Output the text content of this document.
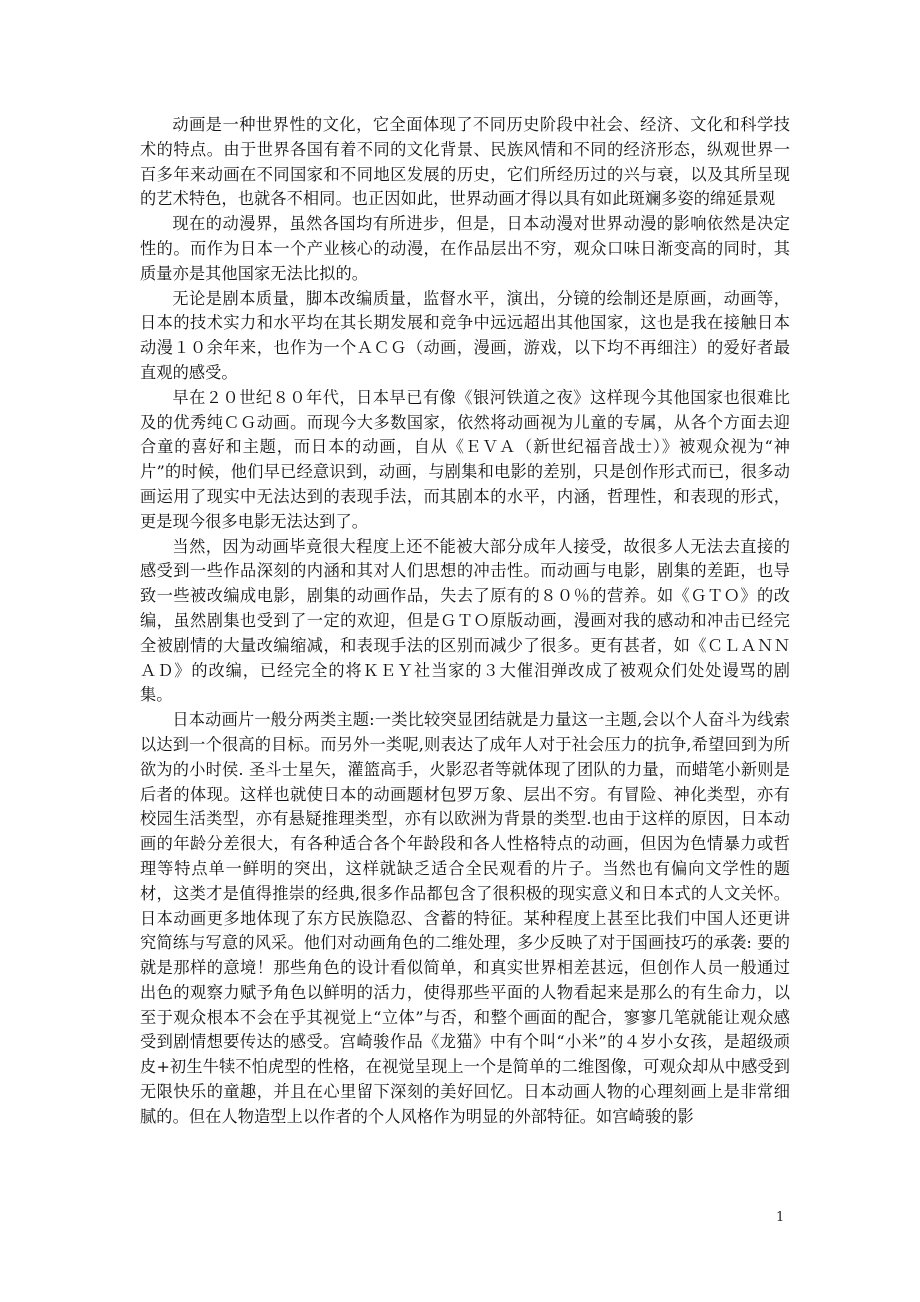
动画是一种世界性的文化，它全面体现了不同历史阶段中社会、经济、文化和科学技术的特点。由于世界各国有着不同的文化背景、民族风情和不同的经济形态，纵观世界一百多年来动画在不同国家和不同地区发展的历史，它们所经历过的兴与衰，以及其所呈现的艺术特色，也就各不相同。也正因如此，世界动画才得以具有如此斑斓多姿的绵延景观

现在的动漫界，虽然各国均有所进步，但是，日本动漫对世界动漫的影响依然是决定性的。而作为日本一个产业核心的动漫，在作品层出不穷，观众口味日渐变高的同时，其质量亦是其他国家无法比拟的。

无论是剧本质量，脚本改编质量，监督水平，演出，分镜的绘制还是原画，动画等，日本的技术实力和水平均在其长期发展和竞争中远远超出其他国家，这也是我在接触日本动漫１０余年来，也作为一个ＡＣＧ（动画，漫画，游戏，以下均不再细注）的爱好者最直观的感受。

早在２０世纪８０年代，日本早已有像《银河铁道之夜》这样现今其他国家也很难比及的优秀纯ＣＧ动画。而现今大多数国家，依然将动画视为儿童的专属，从各个方面去迎合童的喜好和主题，而日本的动画，自从《ＥＶＡ（新世纪福音战士）》被观众视为“神片”的时候，他们早已经意识到，动画，与剧集和电影的差别，只是创作形式而已，很多动画运用了现实中无法达到的表现手法，而其剧本的水平，内涵，哲理性，和表现的形式，更是现今很多电影无法达到了。

当然，因为动画毕竟很大程度上还不能被大部分成年人接受，故很多人无法去直接的感受到一些作品深刻的内涵和其对人们思想的冲击性。而动画与电影，剧集的差距，也导致一些被改编成电影，剧集的动画作品，失去了原有的８０％的营养。如《ＧＴＯ》的改编，虽然剧集也受到了一定的欢迎，但是ＧＴＯ原版动画，漫画对我的感动和冲击已经完全被剧情的大量改编缩减，和表现手法的区别而减少了很多。更有甚者，如《ＣＬＡＮＮＡＤ》的改编，已经完全的将ＫＥＹ社当家的３大催泪弹改成了被观众们处处谩骂的剧集。

日本动画片一般分两类主题:一类比较突显团结就是力量这一主题,会以个人奋斗为线索以达到一个很高的目标。而另外一类呢,则表达了成年人对于社会压力的抗争,希望回到为所欲为的小时侯. 圣斗士星矢，灌篮高手，火影忍者等就体现了团队的力量，而蜡笔小新则是后者的体现。这样也就使日本的动画题材包罗万象、层出不穷。有冒险、神化类型，亦有校园生活类型，亦有悬疑推理类型，亦有以欧洲为背景的类型.也由于这样的原因，日本动画的年龄分差很大，有各种适合各个年龄段和各人性格特点的动画，但因为色情暴力或哲理等特点单一鲜明的突出，这样就缺乏适合全民观看的片子。当然也有偏向文学性的题材，这类才是值得推崇的经典,很多作品都包含了很积极的现实意义和日本式的人文关怀。日本动画更多地体现了东方民族隐忍、含蓄的特征。某种程度上甚至比我们中国人还更讲究简练与写意的风采。他们对动画角色的二维处理，多少反映了对于国画技巧的承袭: 要的就是那样的意境！那些角色的设计看似简单，和真实世界相差甚远，但创作人员一般通过出色的观察力赋予角色以鲜明的活力，使得那些平面的人物看起来是那么的有生命力，以至于观众根本不会在乎其视觉上“立体”与否，和整个画面的配合，寥寥几笔就能让观众感受到剧情想要传达的感受。宫崎骏作品《龙猫》中有个叫“小米”的４岁小女孩，是超级顽皮+初生牛犊不怕虎型的性格，在视觉呈现上一个是简单的二维图像，可观众却从中感受到无限快乐的童趣，并且在心里留下深刻的美好回忆。日本动画人物的心理刻画上是非常细腻的。但在人物造型上以作者的个人风格作为明显的外部特征。如宫崎骏的影

1
